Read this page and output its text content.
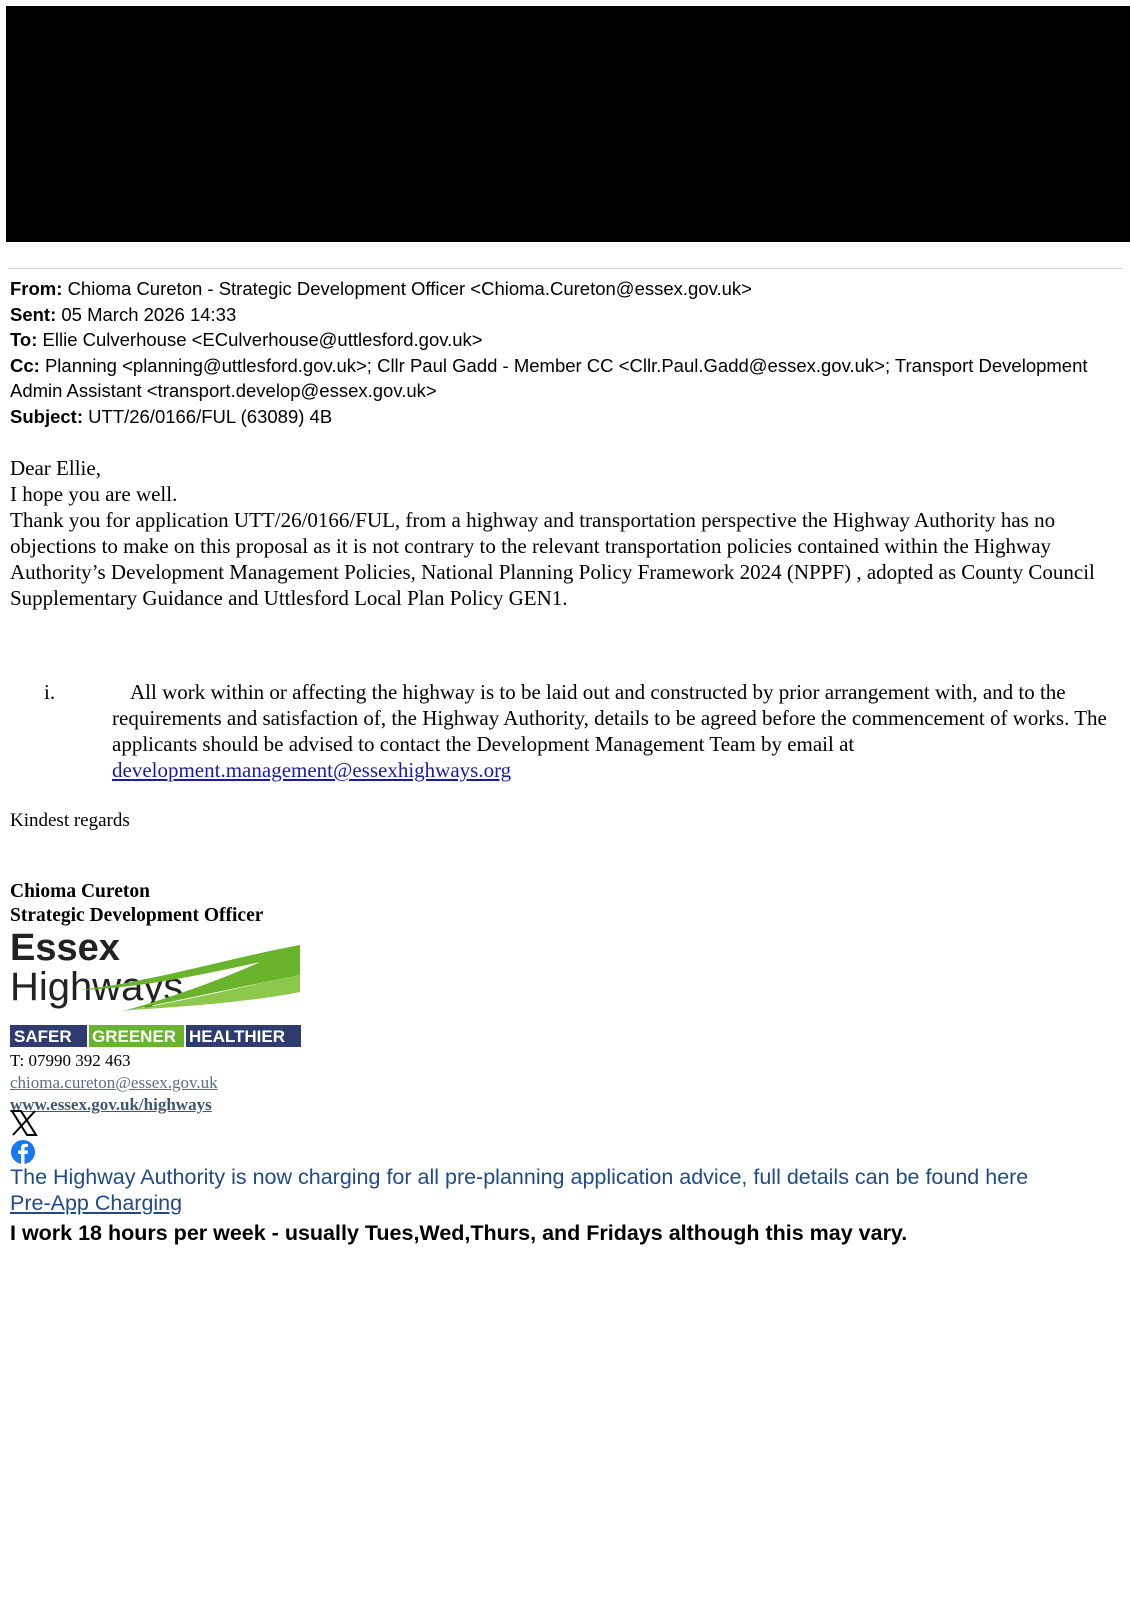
From: Chioma Cureton - Strategic Development Officer <Chioma.Cureton@essex.gov.uk>
Sent: 05 March 2026 14:33
To: Ellie Culverhouse <ECulverhouse@uttlesford.gov.uk>
Cc: Planning <planning@uttlesford.gov.uk>; Cllr Paul Gadd - Member CC <Cllr.Paul.Gadd@essex.gov.uk>; Transport Development
Admin Assistant <transport.develop@essex.gov.uk>
Subject: UTT/26/0166/FUL (63089) 4B

Dear Ellie,

I hope you are well.

Thank you for application UTT/26/0166/FUL, from a highway and transportation perspective the Highway Authority has no objections to make on this proposal as it is not contrary to the relevant transportation policies contained within the Highway Authority’s Development Management Policies, National Planning Policy Framework 2024 (NPPF) , adopted as County Council Supplementary Guidance and Uttlesford Local Plan Policy GEN1.

i.	All work within or affecting the highway is to be laid out and constructed by prior arrangement with, and to the requirements and satisfaction of, the Highway Authority, details to be agreed before the commencement of works. The applicants should be advised to contact the Development Management Team by email at
development.management@essexhighways.org
Kindest regards
Chioma Cureton
Strategic Development Officer
Essex
Highways
SAFER GREENER HEALTHIER
T: 07990 392 463
chioma.cureton@essex.gov.uk
www.essex.gov.uk/highways
The Highway Authority is now charging for all pre-planning application advice, full details can be found here
Pre-App Charging
I work 18 hours per week - usually Tues,Wed,Thurs, and Fridays although this may vary.
